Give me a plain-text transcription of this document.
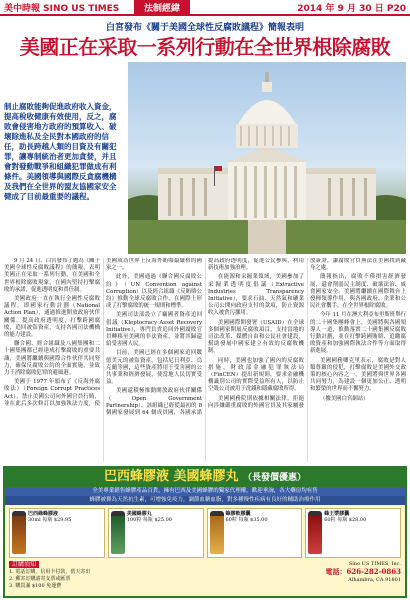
美中時報 SINO US TIMES	法制經緯	2014 年 9 月 30 日 P20
白宮發布《關于美國全球性反腐敗議程》簡報表明
美國正在采取一系列行動在全世界根除腐敗
制止腐敗能夠促進政府收入資金，提高稅收健康有效使用，反之，腐敗會侵害地方政府的預算收入、破壞除進私及全民對本國政府的信任，助長跨越人類的目資及有關犯罪，讓專制統治者更加貪婪，并且會對發動戰爭和組織犯罪做成有利條件。美國領導與國際反貪腐機構及我們在全世界的盟友協國家安全健成了目前最重要的議程。

9 月 24 日，白宮發布了題為《關于美國全球性反腐敗議程》的簡報，表明美國正在采取一系列行動，在美國和全世界根除腐敗現象，在國內堅持打擊腐敗的承諾，促進透明度和責任制。

美國政府一直在執行全國性反腐敗議程，即國家行動計劃（National Action Plan），通過推進開放政府伙伴關係，提高政府透明度，打擊跨國腐敗，追回被盜資產，支持各國司法機構的能力建設。

聯合國、經合組織及八國集團和二十國集團都已經達成打擊腐敗的重要共識，美國將繼續與國際合作伙伴共同努力，確保反腐敗公約的全面實施，並致力于消除腐敗犯罪的避風港。

美國于 1977 年頒布了《反海外腐敗法》（Foreign Corrupt Practices Act），禁止美國公司向外國官員行賄，並在此后多次修訂以加強執法力度，使美國成為世界上反海外賄賂最嚴格的國家之一。

此外，美國通過《聯合國反腐敗公約》（UN Convention against Corruption）以及經合組織《反賄賂公約》推動全球反腐敗合作，在國際上形成了打擊腐敗的統一規則和標準。

美國司法部設立了竊國者資產追回倡議（Kleptocracy Asset Recovery Initiative），專門負責追回外國腐敗官員轉移至美國的非法資產，並將其歸還給受害國人民。

目前，美國已經在多個國家追回數億美元的被盜資產，包括尼日利亞、烏克蘭等國，這些資產將用于受害國的公共事業和經濟發展，使當地人民切實受益。

美國還積極推動開放政府伙伴關係（Open Government Partnership），該組織已經從最初的 8 個國家發展到 64 個成員國，各國承諾提高政府透明度，促進公民參與，利用新技術加強治理。

在能源和采掘業領域，美國參加了采掘業透明度倡議（Extractive Industries Transparency Initiative），要求石油、天然氣和礦業公司公開向政府支付的款項，防止資源收入被貪污挪用。

美國國際開發署（USAID）在全球多個國家開展反腐敗項目，支持當地的司法改革、媒體自由和公民社會建設，幫助發展中國家建立有效的反腐敗機制。

同時，美國也加強了國內的反腐敗措施，財政部金融犯罪執法局（FinCEN）提出新規則，要求金融機構識別公司的實際受益所有人，以防止空殼公司被用于洗錢和隱藏腐敗所得。

美國國務院則依據相關法律，拒絕向涉嫌嚴重腐敗的外國官員及其家屬發放簽證，讓腐敗官員無法在美國找到藏身之處。

簡報指出，腐敗不僅損害經濟發展，還會削弱民主制度、破壞法治、威脅國家安全。美國將繼續在國際舞台上發揮領導作用，與各國政府、企業和公民社會攜手，在全世界根除腐敗。

今年 11 月在澳大利亞布里斯班舉行的二十國集團峰會上，美國將與各國領導人一道，推動落實二十國集團反腐敗行動計劃，並在打擊跨國賄賂、追繳腐敗資產和加強國際執法合作等方面取得新進展。

美國國務卿克里表示，腐敗是對人類尊嚴的侵犯，打擊腐敗是美國外交政策的核心內容之一，美國將與世界各國共同努力，為建設一個更加公正、透明和繁榮的世界而不懈努力。

（據美國白宮網站）

巴西蜂膠液 美國蜂膠丸 （長發價優惠）
全美專業銷售蜂膠產品百貨，擁有巴西及美國蜂膠的獨家代理權，歡迎垂詢，各大藥房均有售
蜂膠被譽為天然抗生素，可增強免疫力，調節血糖血脂，對多種慢性疾病有良好的輔助治療作用
巴西綠蜂膠液
30ml 每瓶 $29.95
美國蜂膠丸
100粒 每瓶 $25.00
蜂膠軟膠囊
60粒 每瓶 $35.00
蜂王漿膠囊
60粒 每瓶 $28.00
訂購須知
1. 電話訂購，信用卡付款，當天寄出
2. 郵寄訂購請寄支票或匯票
3. 購買滿 $100 免運費
Sino US TIMES, Inc.
電話：626-282-0863
Alhambra, CA 91801
